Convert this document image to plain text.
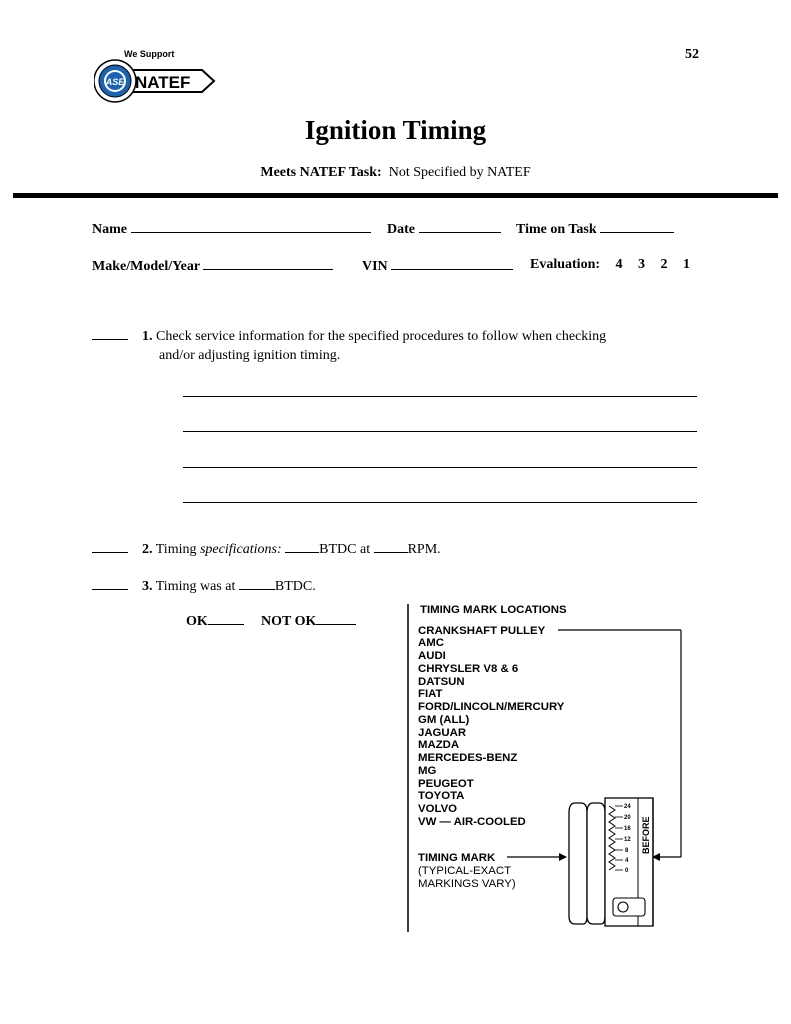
We Support
ASE NATEF
52
Ignition Timing
Meets NATEF Task: Not Specified by NATEF
Name	Date	Time on Task
Make/Model/Year	VIN	Evaluation: 4 3 2 1
1. Check service information for the specified procedures to follow when checking
and/or adjusting ignition timing.
2. Timing specifications:	BTDC at	RPM.
3. Timing was at	BTDC.
OK	NOT OK
TIMING MARK LOCATIONS
CRANKSHAFT PULLEY
AMC
AUDI
CHRYSLER V8 & 6
DATSUN
FIAT
FORD/LINCOLN/MERCURY
GM (ALL)
JAGUAR
MAZDA
MERCEDES-BENZ
MG
PEUGEOT
TOYOTA
VOLVO
VW — AIR-COOLED
TIMING MARK
(TYPICAL-EXACT
MARKINGS VARY)
24
20
16
12
8
4
0
BEFORE
